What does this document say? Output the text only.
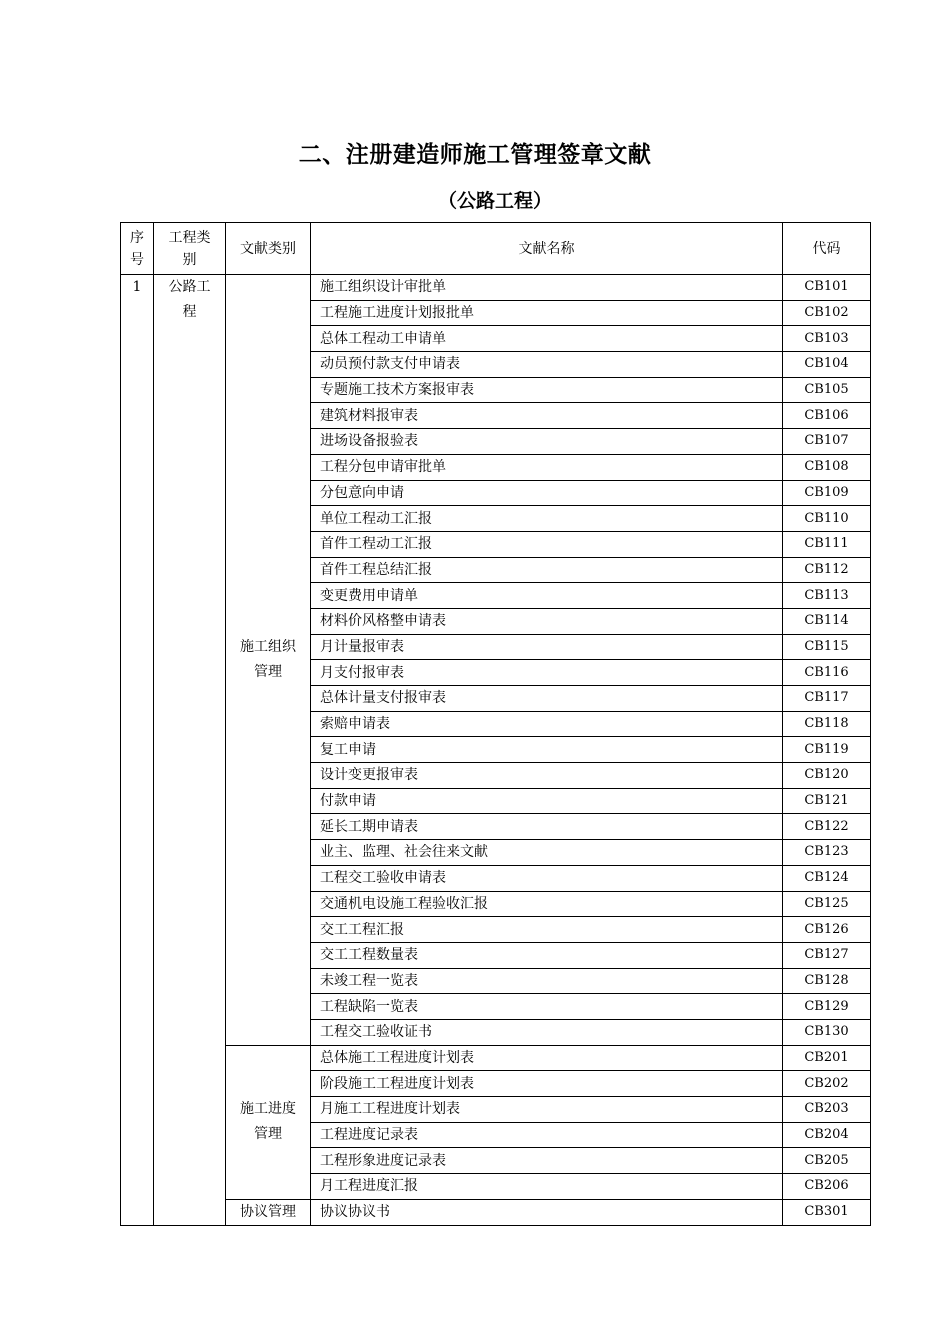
二、注册建造师施工管理签章文献
（公路工程）
序号	工程类别	文献类别	文献名称	代码
1	公路工程	施工组织管理	施工组织设计审批单	CB101
			工程施工进度计划报批单	CB102
			总体工程动工申请单	CB103
			动员预付款支付申请表	CB104
			专题施工技术方案报审表	CB105
			建筑材料报审表	CB106
			进场设备报验表	CB107
			工程分包申请审批单	CB108
			分包意向申请	CB109
			单位工程动工汇报	CB110
			首件工程动工汇报	CB111
			首件工程总结汇报	CB112
			变更费用申请单	CB113
			材料价风格整申请表	CB114
			月计量报审表	CB115
			月支付报审表	CB116
			总体计量支付报审表	CB117
			索赔申请表	CB118
			复工申请	CB119
			设计变更报审表	CB120
			付款申请	CB121
			延长工期申请表	CB122
			业主、监理、社会往来文献	CB123
			工程交工验收申请表	CB124
			交通机电设施工程验收汇报	CB125
			交工工程汇报	CB126
			交工工程数量表	CB127
			未竣工程一览表	CB128
			工程缺陷一览表	CB129
			工程交工验收证书	CB130
		施工进度管理	总体施工工程进度计划表	CB201
			阶段施工工程进度计划表	CB202
			月施工工程进度计划表	CB203
			工程进度记录表	CB204
			工程形象进度记录表	CB205
			月工程进度汇报	CB206
		协议管理	协议协议书	CB301
